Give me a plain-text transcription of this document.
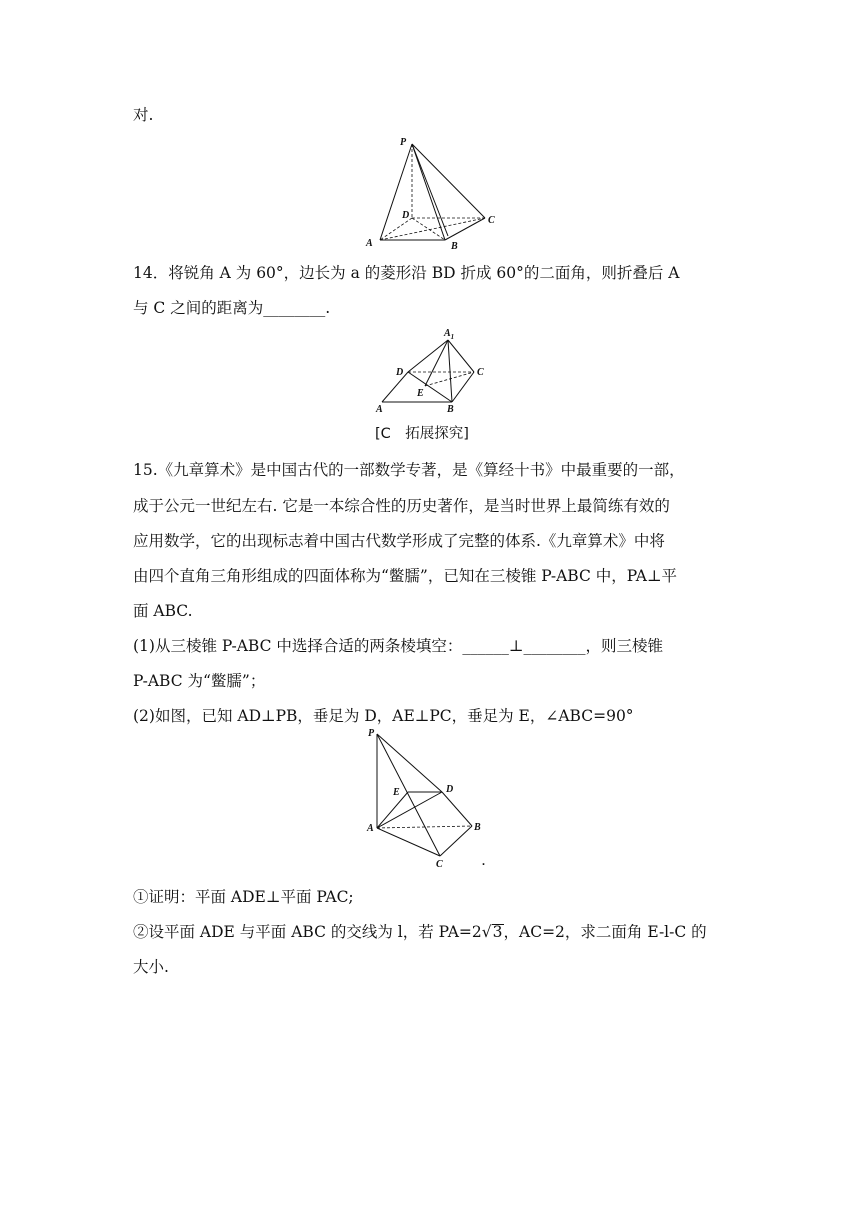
对.
P
D	C
A	B
14．将锐角 A 为 60°，边长为 a 的菱形沿 BD 折成 60°的二面角，则折叠后 A
与 C 之间的距离为________.
$A_1$
D	C
E
A	B
[C　拓展探究]
15.《九章算术》是中国古代的一部数学专著，是《算经十书》中最重要的一部，
成于公元一世纪左右. 它是一本综合性的历史著作，是当时世界上最简练有效的
应用数学，它的出现标志着中国古代数学形成了完整的体系.《九章算术》中将
由四个直角三角形组成的四面体称为“鳖臑”，已知在三棱锥 P-ABC 中，PA⊥平
面 ABC.
(1)从三棱锥 P-ABC 中选择合适的两条棱填空：______⊥________，则三棱锥
P-ABC 为“鳖臑”；
(2)如图，已知 AD⊥PB，垂足为 D，AE⊥PC，垂足为 E，∠ABC=90°
P
E	D
A	B
C	.
①证明：平面 ADE⊥平面 PAC;
②设平面 ADE 与平面 ABC 的交线为 l，若 PA=2√3，AC=2，求二面角 E-l-C 的
大小.
